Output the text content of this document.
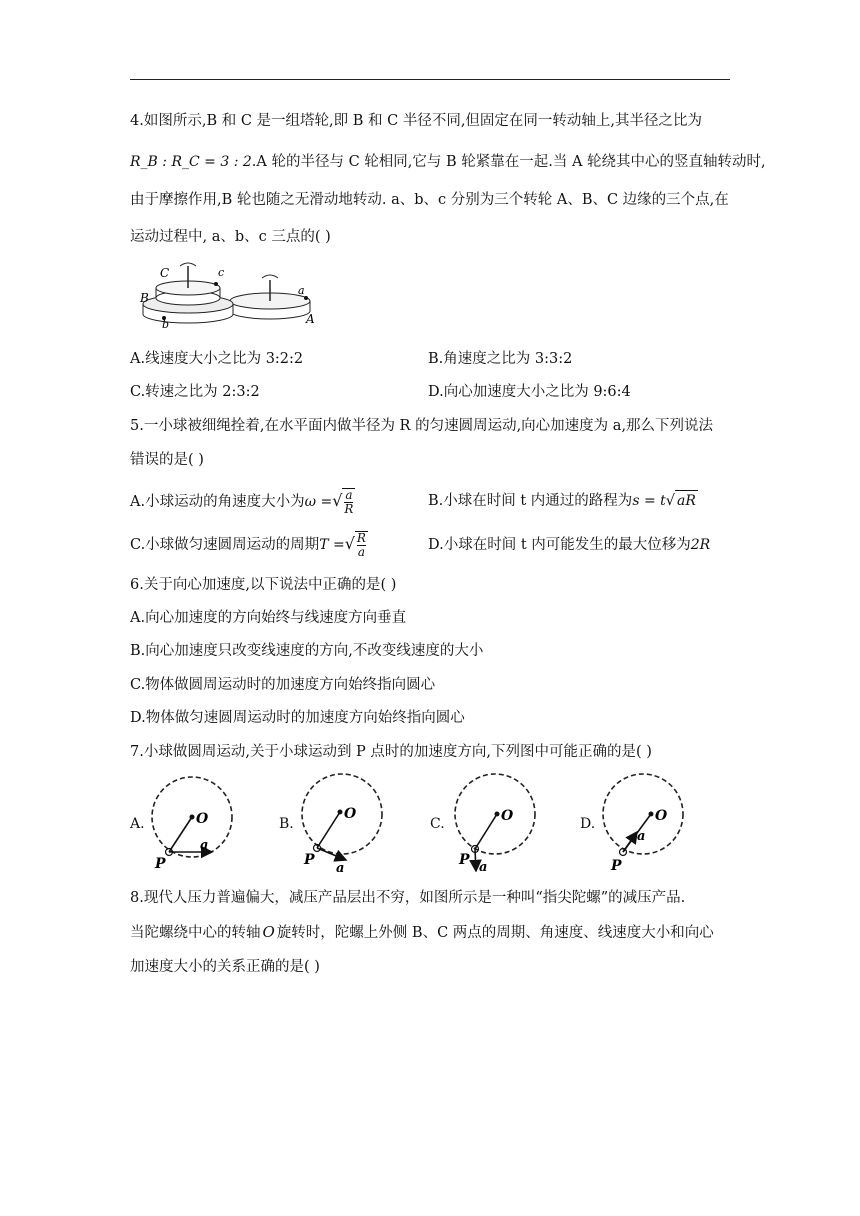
4.如图所示,B 和 C 是一组塔轮,即 B 和 C 半径不同,但固定在同一转动轴上,其半径之比为
R_B : R_C = 3 : 2.A 轮的半径与 C 轮相同,它与 B 轮紧靠在一起.当 A 轮绕其中心的竖直轴转动时,
由于摩擦作用,B 轮也随之无滑动地转动. a、b、c 分别为三个转轮 A、B、C 边缘的三个点,在
运动过程中, a、b、c 三点的( )
C	c
B
b
a
A
A.线速度大小之比为 3:2:2	B.角速度之比为 3:3:2
C.转速之比为 2:3:2	D.向心加速度大小之比为 9:6:4
5.一小球被细绳拴着,在水平面内做半径为 R 的匀速圆周运动,向心加速度为 a,那么下列说法
错误的是( )
A.小球运动的角速度大小为ω =√ $\frac{a}{R}$	B.小球在时间 t 内通过的路程为s = t√ aR
C.小球做匀速圆周运动的周期T =√ $\frac{R}{a}$	D.小球在时间 t 内可能发生的最大位移为2R
6.关于向心加速度,以下说法中正确的是( )
A.向心加速度的方向始终与线速度方向垂直
B.向心加速度只改变线速度的方向,不改变线速度的大小
C.物体做圆周运动时的加速度方向始终指向圆心
D.物体做匀速圆周运动时的加速度方向始终指向圆心
7.小球做圆周运动,关于小球运动到 P 点时的加速度方向,下列图中可能正确的是( )
A.	B.	C.	D.
O
P
a
O
P
a
O
P a
O
P
a
8.现代人压力普遍偏大，减压产品层出不穷，如图所示是一种叫“指尖陀螺”的减压产品.
当陀螺绕中心的转轴 O 旋转时，陀螺上外侧 B、C 两点的周期、角速度、线速度大小和向心
加速度大小的关系正确的是( )
